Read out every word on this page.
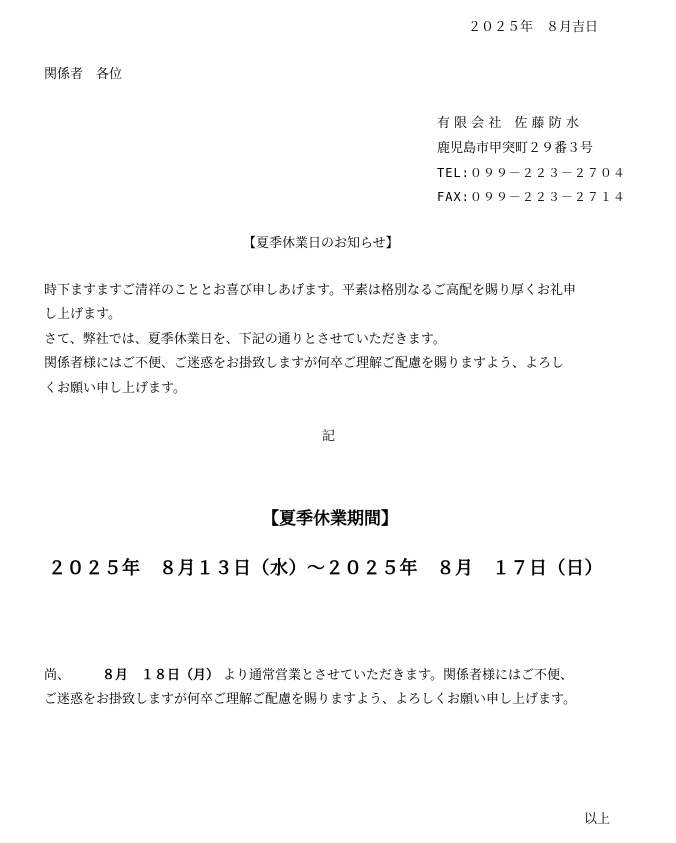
２０２５年　８月吉日

関係者　各位

有 限 会 社　佐 藤 防 水

鹿児島市甲突町２９番３号

TEL:０９９－２２３－２７０４

FAX:０９９－２２３－２７１４

【夏季休業日のお知らせ】

時下ますますご清祥のこととお喜び申しあげます。平素は格別なるご高配を賜り厚くお礼申

し上げます。

さて、弊社では、夏季休業日を、下記の通りとさせていただきます。

関係者様にはご不便、ご迷惑をお掛致しますが何卒ご理解ご配慮を賜りますよう、よろし

くお願い申し上げます。

記

【夏季休業期間】

２０２５年　８月１３日（水）～２０２５年　８月　１７日（日）

尚、 ８月　１８日（月） より通常営業とさせていただきます。関係者様にはご不便、

ご迷惑をお掛致しますが何卒ご理解ご配慮を賜りますよう、よろしくお願い申し上げます。

以上
